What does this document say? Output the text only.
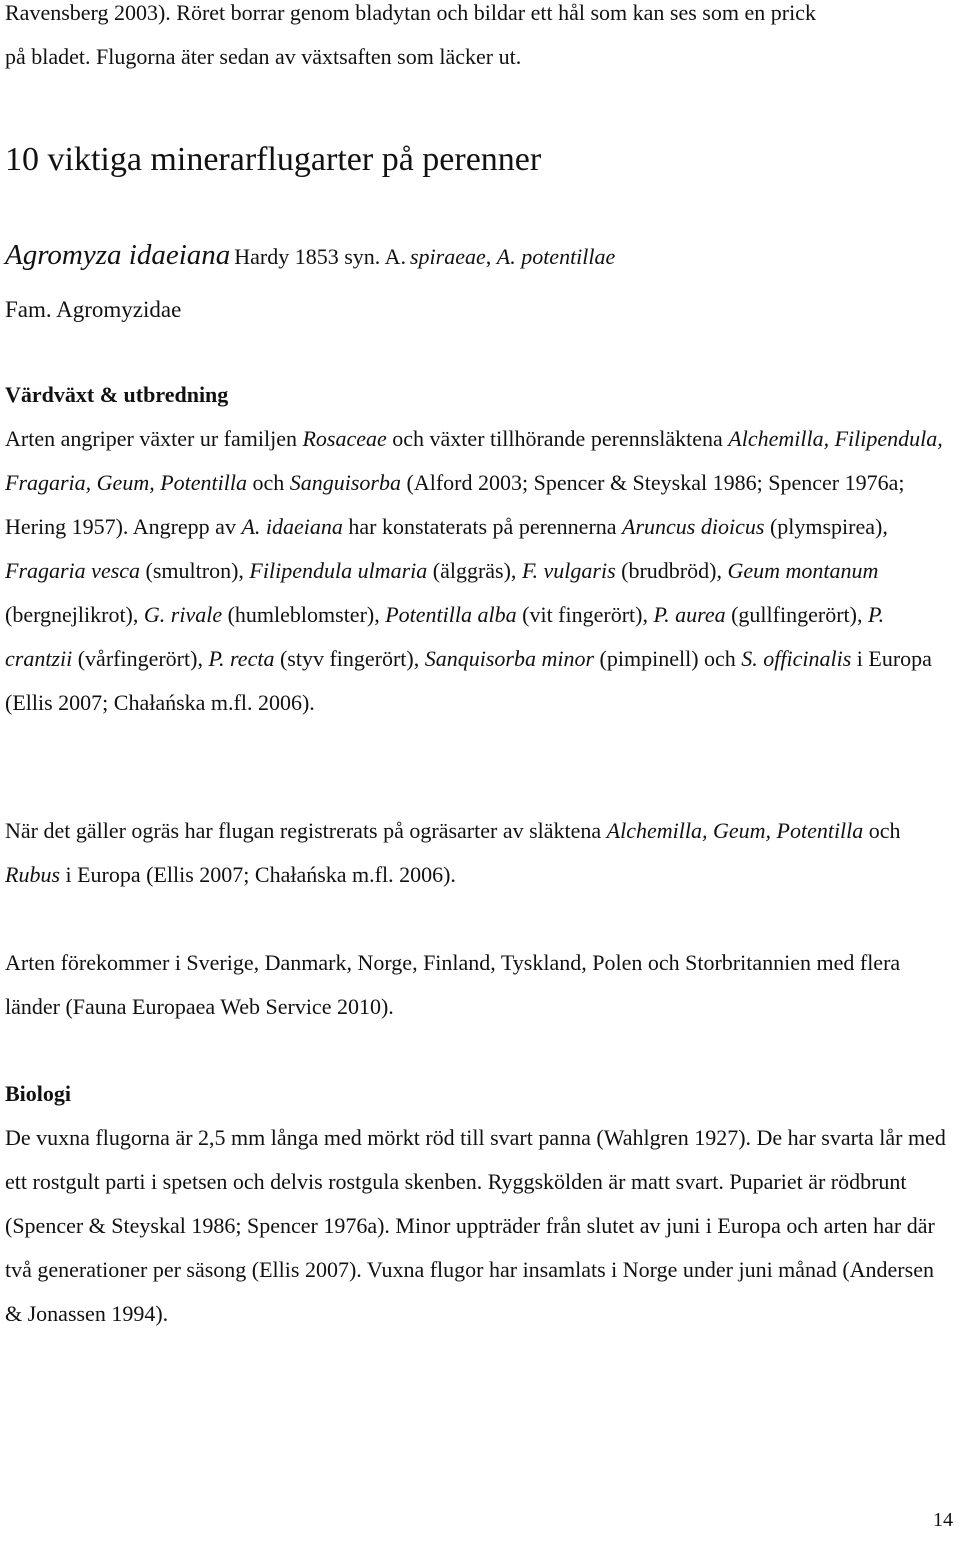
Ravensberg 2003). Röret borrar genom bladytan och bildar ett hål som kan ses som en prick
på bladet. Flugorna äter sedan av växtsaften som läcker ut.
10 viktiga minerarflugarter på perenner
Agromyza idaeiana Hardy 1853 syn. A. spiraeae, A. potentillae
Fam. Agromyzidae
Värdväxt & utbredning

Arten angriper växter ur familjen Rosaceae och växter tillhörande perennsläktena Alchemilla, Filipendula, Fragaria, Geum, Potentilla och Sanguisorba (Alford 2003; Spencer & Steyskal 1986; Spencer 1976a; Hering 1957). Angrepp av A. idaeiana har konstaterats på perennerna Aruncus dioicus (plymspirea), Fragaria vesca (smultron), Filipendula ulmaria (älggräs), F. vulgaris (brudbröd), Geum montanum (bergnejlikrot), G. rivale (humleblomster), Potentilla alba (vit fingerört), P. aurea (gullfingerört), P. crantzii (vårfingerört), P. recta (styv fingerört), Sanquisorba minor (pimpinell) och S. officinalis i Europa (Ellis 2007; Chałańska m.fl. 2006).

När det gäller ogräs har flugan registrerats på ogräsarter av släktena Alchemilla, Geum, Potentilla och Rubus i Europa (Ellis 2007; Chałańska m.fl. 2006).

Arten förekommer i Sverige, Danmark, Norge, Finland, Tyskland, Polen och Storbritannien med flera länder (Fauna Europaea Web Service 2010).

Biologi

De vuxna flugorna är 2,5 mm långa med mörkt röd till svart panna (Wahlgren 1927). De har svarta lår med ett rostgult parti i spetsen och delvis rostgula skenben. Ryggskölden är matt svart. Pupariet är rödbrunt (Spencer & Steyskal 1986; Spencer 1976a). Minor uppträder från slutet av juni i Europa och arten har där två generationer per säsong (Ellis 2007). Vuxna flugor har insamlats i Norge under juni månad (Andersen & Jonassen 1994).

14
